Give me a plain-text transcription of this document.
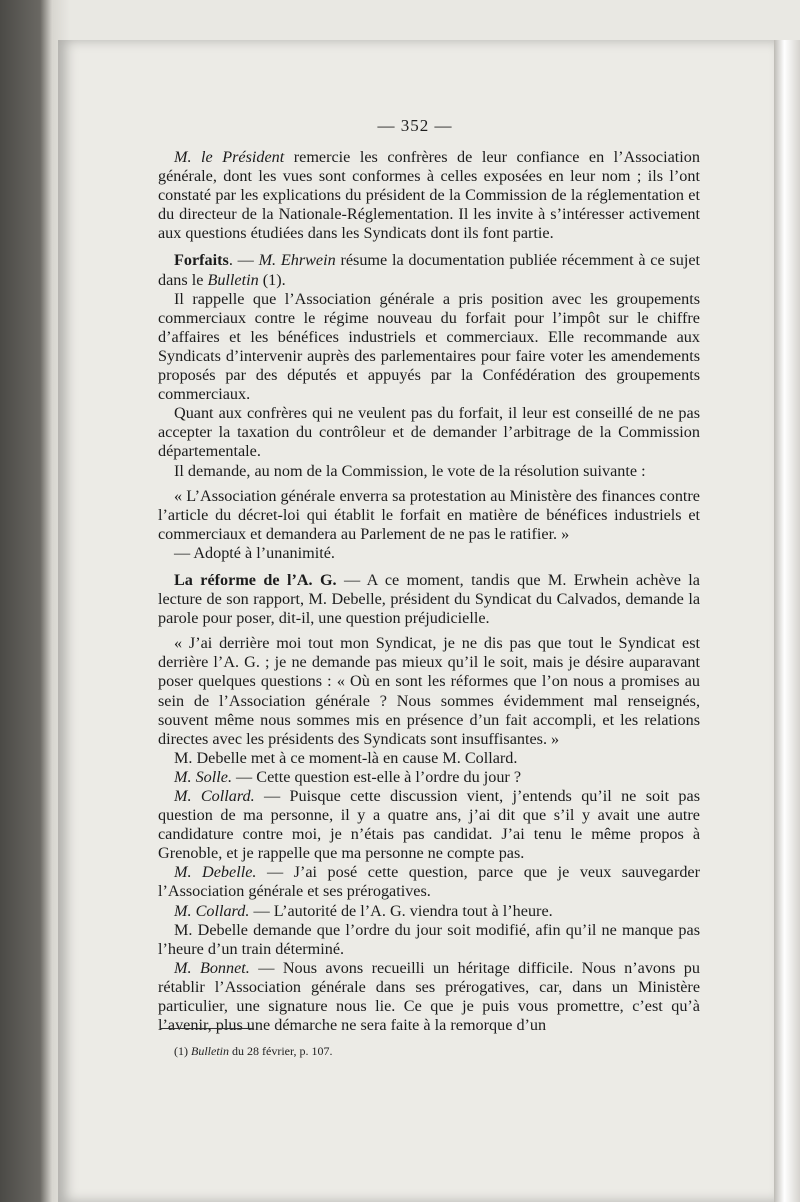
— 352 —

M. le Président remercie les confrères de leur confiance en l’Association générale, dont les vues sont conformes à celles exposées en leur nom ; ils l’ont constaté par les explications du président de la Commission de la réglementation et du directeur de la Nationale-Réglementation. Il les invite à s’intéresser activement aux questions étudiées dans les Syndicats dont ils font partie.

Forfaits. — M. Ehrwein résume la documentation publiée récemment à ce sujet dans le Bulletin (1).

Il rappelle que l’Association générale a pris position avec les groupements commerciaux contre le régime nouveau du forfait pour l’impôt sur le chiffre d’affaires et les bénéfices industriels et commerciaux. Elle recommande aux Syndicats d’intervenir auprès des parlementaires pour faire voter les amendements proposés par des députés et appuyés par la Confédération des groupements commerciaux.

Quant aux confrères qui ne veulent pas du forfait, il leur est conseillé de ne pas accepter la taxation du contrôleur et de demander l’arbitrage de la Commission départementale.

Il demande, au nom de la Commission, le vote de la résolution suivante :

« L’Association générale enverra sa protestation au Ministère des finances contre l’article du décret-loi qui établit le forfait en matière de bénéfices industriels et commerciaux et demandera au Parlement de ne pas le ratifier. »

— Adopté à l’unanimité.

La réforme de l’A. G. — A ce moment, tandis que M. Erwhein achève la lecture de son rapport, M. Debelle, président du Syndicat du Calvados, demande la parole pour poser, dit-il, une question préjudicielle.

« J’ai derrière moi tout mon Syndicat, je ne dis pas que tout le Syndicat est derrière l’A. G. ; je ne demande pas mieux qu’il le soit, mais je désire auparavant poser quelques questions : « Où en sont les réformes que l’on nous a promises au sein de l’Association générale ? Nous sommes évidemment mal renseignés, souvent même nous sommes mis en présence d’un fait accompli, et les relations directes avec les présidents des Syndicats sont insuffisantes. »

M. Debelle met à ce moment-là en cause M. Collard.

M. Solle. — Cette question est-elle à l’ordre du jour ?

M. Collard. — Puisque cette discussion vient, j’entends qu’il ne soit pas question de ma personne, il y a quatre ans, j’ai dit que s’il y avait une autre candidature contre moi, je n’étais pas candidat. J’ai tenu le même propos à Grenoble, et je rappelle que ma personne ne compte pas.

M. Debelle. — J’ai posé cette question, parce que je veux sauvegarder l’Association générale et ses prérogatives.

M. Collard. — L’autorité de l’A. G. viendra tout à l’heure.

M. Debelle demande que l’ordre du jour soit modifié, afin qu’il ne manque pas l’heure d’un train déterminé.

M. Bonnet. — Nous avons recueilli un héritage difficile. Nous n’avons pu rétablir l’Association générale dans ses prérogatives, car, dans un Ministère particulier, une signature nous lie. Ce que je puis vous promettre, c’est qu’à l’avenir, plus une démarche ne sera faite à la remorque d’un

(1) Bulletin du 28 février, p. 107.
